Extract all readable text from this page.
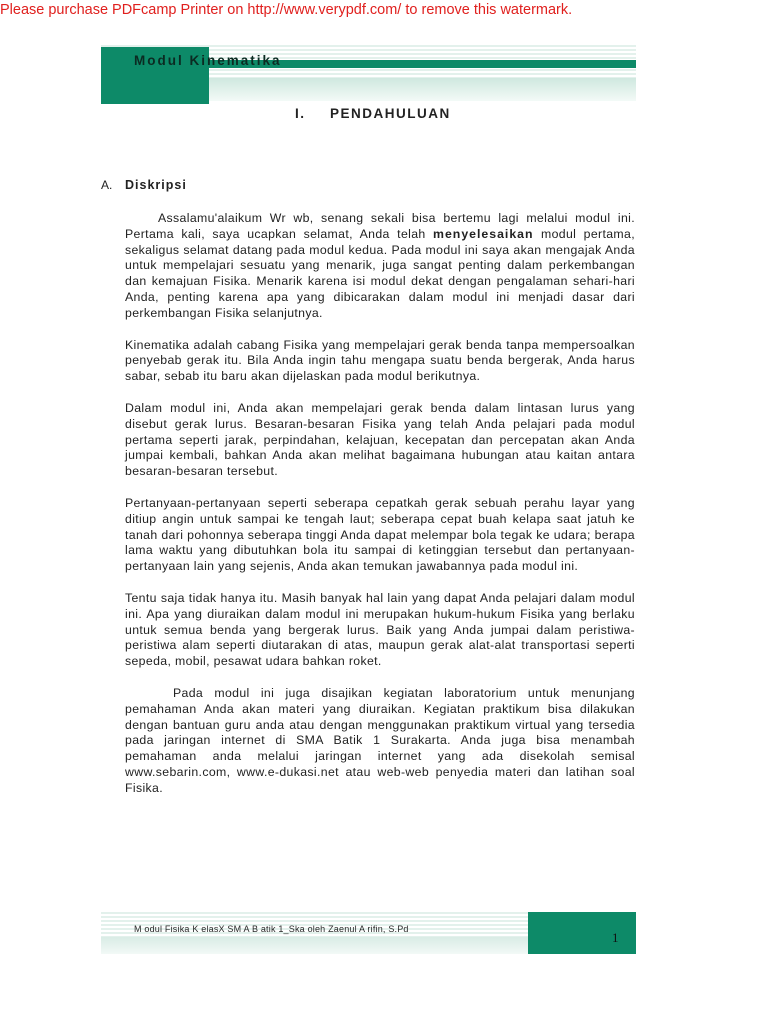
Please purchase PDFcamp Printer on http://www.verypdf.com/ to remove this watermark.
Modul Kinematika
I. PENDAHULUAN
A. Diskripsi

Assalamu'alaikum Wr wb, senang sekali bisa bertemu lagi melalui modul ini. Pertama kali, saya ucapkan selamat, Anda telah menyelesaikan modul pertama, sekaligus selamat datang pada modul kedua. Pada modul ini saya akan mengajak Anda untuk mempelajari sesuatu yang menarik, juga sangat penting dalam perkembangan dan kemajuan Fisika. Menarik karena isi modul dekat dengan pengalaman sehari-hari Anda, penting karena apa yang dibicarakan dalam modul ini menjadi dasar dari perkembangan Fisika selanjutnya.

Kinematika adalah cabang Fisika yang mempelajari gerak benda tanpa mempersoalkan penyebab gerak itu. Bila Anda ingin tahu mengapa suatu benda bergerak, Anda harus sabar, sebab itu baru akan dijelaskan pada modul berikutnya.

Dalam modul ini, Anda akan mempelajari gerak benda dalam lintasan lurus yang disebut gerak lurus. Besaran-besaran Fisika yang telah Anda pelajari pada modul pertama seperti jarak, perpindahan, kelajuan, kecepatan dan percepatan akan Anda jumpai kembali, bahkan Anda akan melihat bagaimana hubungan atau kaitan antara besaran-besaran tersebut.

Pertanyaan-pertanyaan seperti seberapa cepatkah gerak sebuah perahu layar yang ditiup angin untuk sampai ke tengah laut; seberapa cepat buah kelapa saat jatuh ke tanah dari pohonnya seberapa tinggi Anda dapat melempar bola tegak ke udara; berapa lama waktu yang dibutuhkan bola itu sampai di ketinggian tersebut dan pertanyaan-pertanyaan lain yang sejenis, Anda akan temukan jawabannya pada modul ini.

Tentu saja tidak hanya itu. Masih banyak hal lain yang dapat Anda pelajari dalam modul ini. Apa yang diuraikan dalam modul ini merupakan hukum-hukum Fisika yang berlaku untuk semua benda yang bergerak lurus. Baik yang Anda jumpai dalam peristiwa-peristiwa alam seperti diutarakan di atas, maupun gerak alat-alat transportasi seperti sepeda, mobil, pesawat udara bahkan roket.

Pada modul ini juga disajikan kegiatan laboratorium untuk menunjang pemahaman Anda akan materi yang diuraikan. Kegiatan praktikum bisa dilakukan dengan bantuan guru anda atau dengan menggunakan praktikum virtual yang tersedia pada jaringan internet di SMA Batik 1 Surakarta. Anda juga bisa menambah pemahaman anda melalui jaringan internet yang ada disekolah semisal www.sebarin.com, www.e-dukasi.net atau web-web penyedia materi dan latihan soal Fisika.

M odul Fisika K elasX SM A B atik 1_Ska oleh Zaenul A rifin, S.Pd
1
